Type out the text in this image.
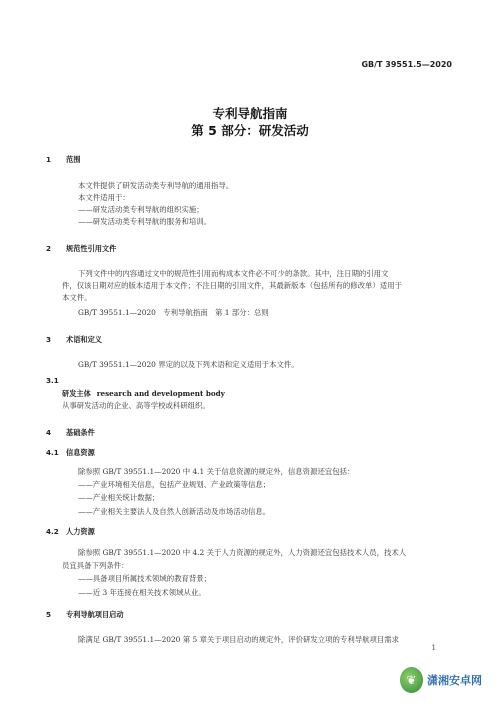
GB/T 39551.5—2020
专利导航指南
第 5 部分：研发活动
1 范围
本文件提供了研发活动类专利导航的通用指导。
本文件适用于：
——研发活动类专利导航的组织实施；
——研发活动类专利导航的服务和培训。
2 规范性引用文件
下列文件中的内容通过文中的规范性引用而构成本文件必不可少的条款。其中，注日期的引用文
件，仅该日期对应的版本适用于本文件；不注日期的引用文件，其最新版本（包括所有的修改单）适用于
本文件。
GB/T 39551.1—2020　专利导航指南　第 1 部分：总则
3 术语和定义
GB/T 39551.1—2020 界定的以及下列术语和定义适用于本文件。
3.1
研发主体 research and development body
从事研发活动的企业、高等学校或科研组织。
4 基础条件
4.1 信息资源
除参照 GB/T 39551.1—2020 中 4.1 关于信息资源的规定外，信息资源还宜包括：
——产业环境相关信息，包括产业规划、产业政策等信息；
——产业相关统计数据；
——产业相关主要法人及自然人创新活动及市场活动信息。
4.2 人力资源
除参照 GB/T 39551.1—2020 中 4.2 关于人力资源的规定外，人力资源还宜包括技术人员，技术人
员宜具备下列条件：
——具备项目所属技术领域的教育背景；
——近 3 年连接在相关技术领域从业。
5 专利导航项目启动
除满足 GB/T 39551.1—2020 第 5 章关于项目启动的规定外，评价研发立项的专利导航项目需求
1
❦ 潇湘安卓网
